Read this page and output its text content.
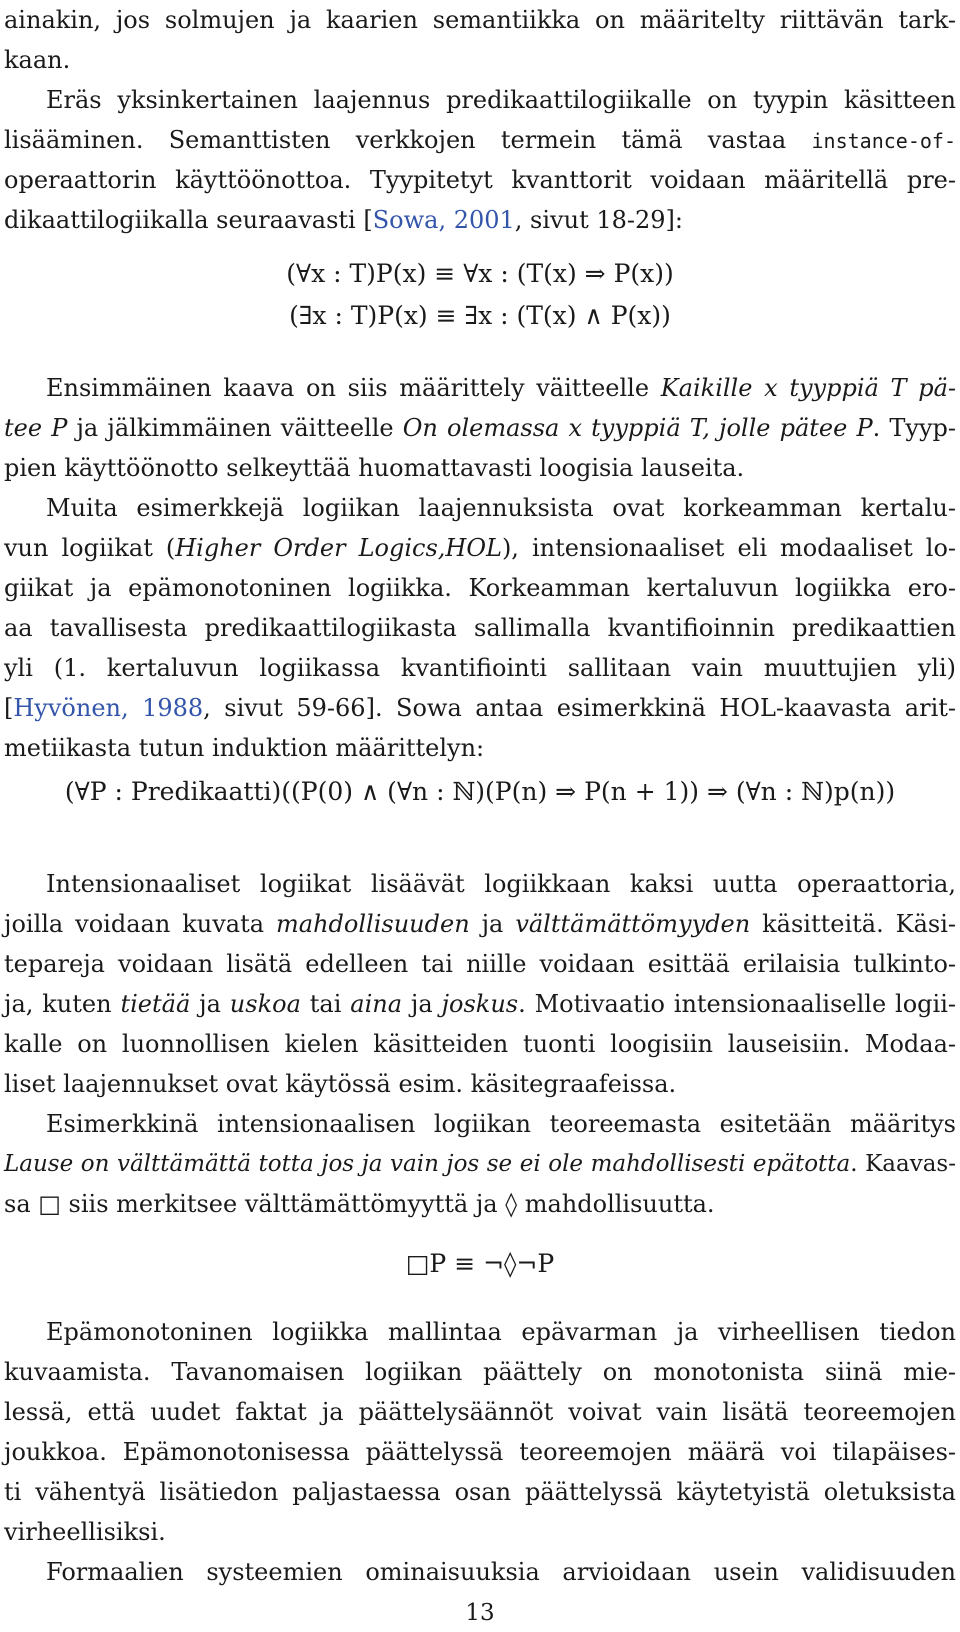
ainakin, jos solmujen ja kaarien semantiikka on määritelty riittävän tark-
kaan.
Eräs yksinkertainen laajennus predikaattilogiikalle on tyypin käsitteen
lisääminen. Semanttisten verkkojen termein tämä vastaa instance-of-
operaattorin käyttöönottoa. Tyypitetyt kvanttorit voidaan määritellä pre-
dikaattilogiikalla seuraavasti [Sowa, 2001, sivut 18-29]:
Ensimmäinen kaava on siis määrittely väitteelle Kaikille x tyyppiä T pä-
tee P ja jälkimmäinen väitteelle On olemassa x tyyppiä T, jolle pätee P. Tyyp-
pien käyttöönotto selkeyttää huomattavasti loogisia lauseita.
Muita esimerkkejä logiikan laajennuksista ovat korkeamman kertalu-
vun logiikat (Higher Order Logics,HOL), intensionaaliset eli modaaliset lo-
giikat ja epämonotoninen logiikka. Korkeamman kertaluvun logiikka ero-
aa tavallisesta predikaattilogiikasta sallimalla kvantifioinnin predikaattien
yli (1. kertaluvun logiikassa kvantifiointi sallitaan vain muuttujien yli)
[Hyvönen, 1988, sivut 59-66]. Sowa antaa esimerkkinä HOL-kaavasta arit-
metiikasta tutun induktion määrittelyn:
Intensionaaliset logiikat lisäävät logiikkaan kaksi uutta operaattoria,
joilla voidaan kuvata mahdollisuuden ja välttämättömyyden käsitteitä. Käsi-
tepareja voidaan lisätä edelleen tai niille voidaan esittää erilaisia tulkinto-
ja, kuten tietää ja uskoa tai aina ja joskus. Motivaatio intensionaaliselle logii-
kalle on luonnollisen kielen käsitteiden tuonti loogisiin lauseisiin. Modaa-
liset laajennukset ovat käytössä esim. käsitegraafeissa.
Esimerkkinä intensionaalisen logiikan teoreemasta esitetään määritys
Lause on välttämättä totta jos ja vain jos se ei ole mahdollisesti epätotta. Kaavas-
sa □ siis merkitsee välttämättömyyttä ja ◊ mahdollisuutta.
Epämonotoninen logiikka mallintaa epävarman ja virheellisen tiedon
kuvaamista. Tavanomaisen logiikan päättely on monotonista siinä mie-
lessä, että uudet faktat ja päättelysäännöt voivat vain lisätä teoreemojen
joukkoa. Epämonotonisessa päättelyssä teoreemojen määrä voi tilapäises-
ti vähentyä lisätiedon paljastaessa osan päättelyssä käytetyistä oletuksista
virheellisiksi.
Formaalien systeemien ominaisuuksia arvioidaan usein validisuuden
(∀x : T)P(x) ≡ ∀x : (T(x) ⇒ P(x))
(∃x : T)P(x) ≡ ∃x : (T(x) ∧ P(x))
(∀P : Predikaatti)((P(0) ∧ (∀n : ℕ)(P(n) ⇒ P(n + 1)) ⇒ (∀n : ℕ)p(n))
□P ≡ ¬◊¬P
13
